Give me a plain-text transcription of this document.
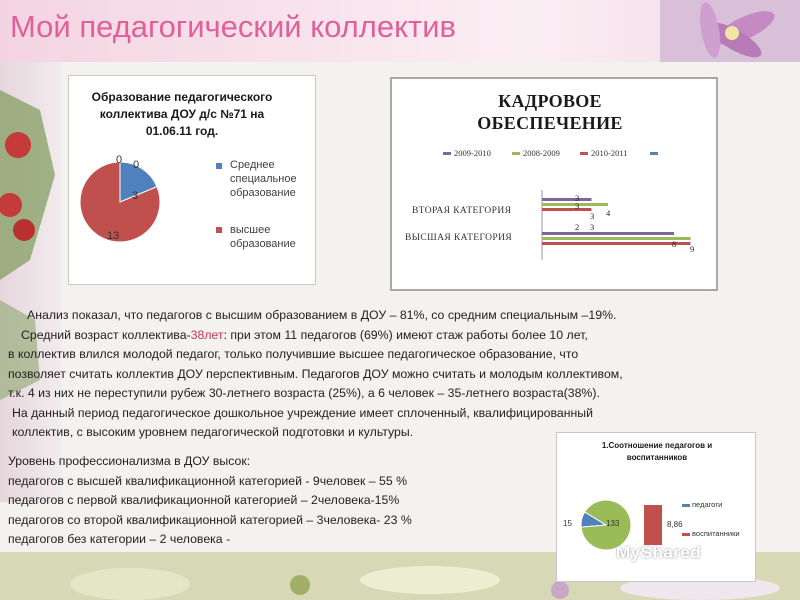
Мой педагогический коллектив
Образование педагогического
коллектива ДОУ д/с №71 на
01.06.11 год.
0 0
3
13
Среднее
специальное
образование
высшее
образование
КАДРОВОЕ
ОБЕСПЕЧЕНИЕ
2009-2010	2008-2009	2010-2011
ВТОРАЯ КАТЕГОРИЯ
ВЫСШАЯ КАТЕГОРИЯ
3
3
4
3
2
8 9
3
Анализ показал, что педагогов с высшим образованием в ДОУ – 81%, со средним специальным –19%.
Средний возраст коллектива-38лет: при этом 11 педагогов (69%) имеют стаж работы более 10 лет,
в коллектив влился молодой педагог, только получившие высшее педагогическое образование, что
позволяет считать коллектив ДОУ перспективным. Педагогов ДОУ можно считать и молодым коллективом,
т.к. 4 из них не переступили рубеж 30-летнего возраста (25%), а 6 человек – 35-летнего возраста(38%).
На данный период педагогическое дошкольное учреждение имеет сплоченный, квалифицированный
коллектив, с высоким уровнем педагогической подготовки и культуры.
Уровень профессионализма в ДОУ высок:
педагогов с высшей квалификационной категорией - 9человек – 55 %
педагогов с первой квалификационной категорией – 2человека-15%
педагогов со второй квалификационной категорией – 3человека- 23 %
педагогов без категории – 2 человека -
1.Соотношение педагогов и
воспитанников
15	133	8,86
педагоги
воспитанники
MyShared
